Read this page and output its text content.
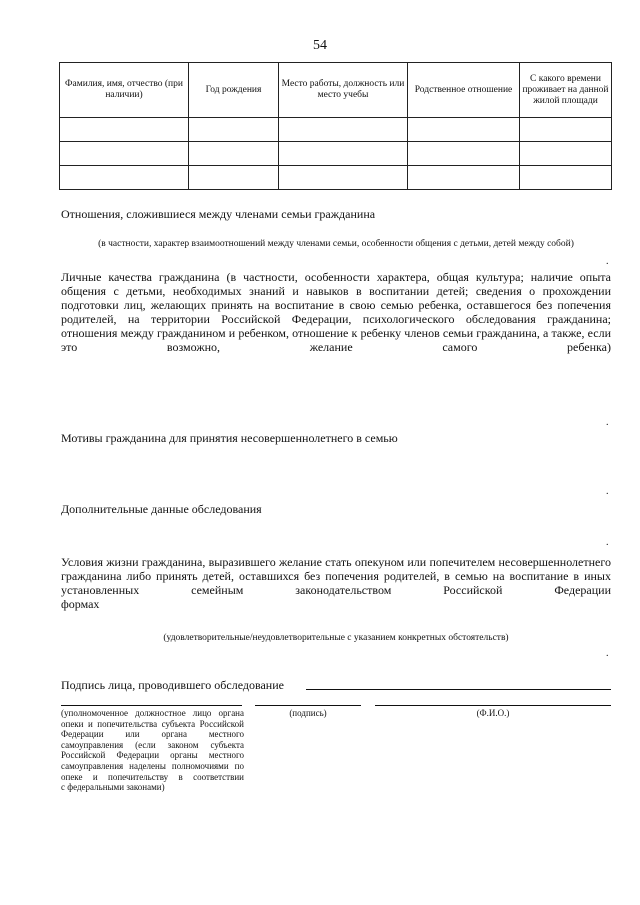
54
Фамилия, имя, отчество (при наличии)	Год рождения	Место работы, должность или место учебы	Родственное отношение	С какого времени проживает на данной жилой площади

Отношения, сложившиеся между членами семьи гражданина
(в частности, характер взаимоотношений между членами семьи, особенности общения с детьми, детей между собой)
.
Личные качества гражданина (в частности, особенности характера, общая культура; наличие опыта общения с детьми, необходимых знаний и навыков в воспитании детей; сведения о прохождении подготовки лиц, желающих принять на воспитание в свою семью ребенка, оставшегося без попечения родителей, на территории Российской Федерации, психологического обследования гражданина; отношения между гражданином и ребенком, отношение к ребенку членов семьи гражданина, а также, если это возможно, желание самого	ребенка)
.
Мотивы гражданина для принятия несовершеннолетнего в семью
.
Дополнительные данные обследования
.
Условия жизни гражданина, выразившего желание стать опекуном или попечителем несовершеннолетнего гражданина либо принять детей, оставшихся без попечения родителей, в семью на воспитание в иных установленных семейным законодательством Российской Федерации
формах
(удовлетворительные/неудовлетворительные с указанием конкретных обстоятельств)
.
Подпись лица, проводившего обследование
(уполномоченное должностное лицо органа опеки и попечительства субъекта Российской Федерации или органа местного самоуправления (если законом субъекта Российской Федерации органы местного самоуправления наделены полномочиями по опеке и попечительству в соответствии
с федеральными законами)
(подпись)	(Ф.И.О.)
